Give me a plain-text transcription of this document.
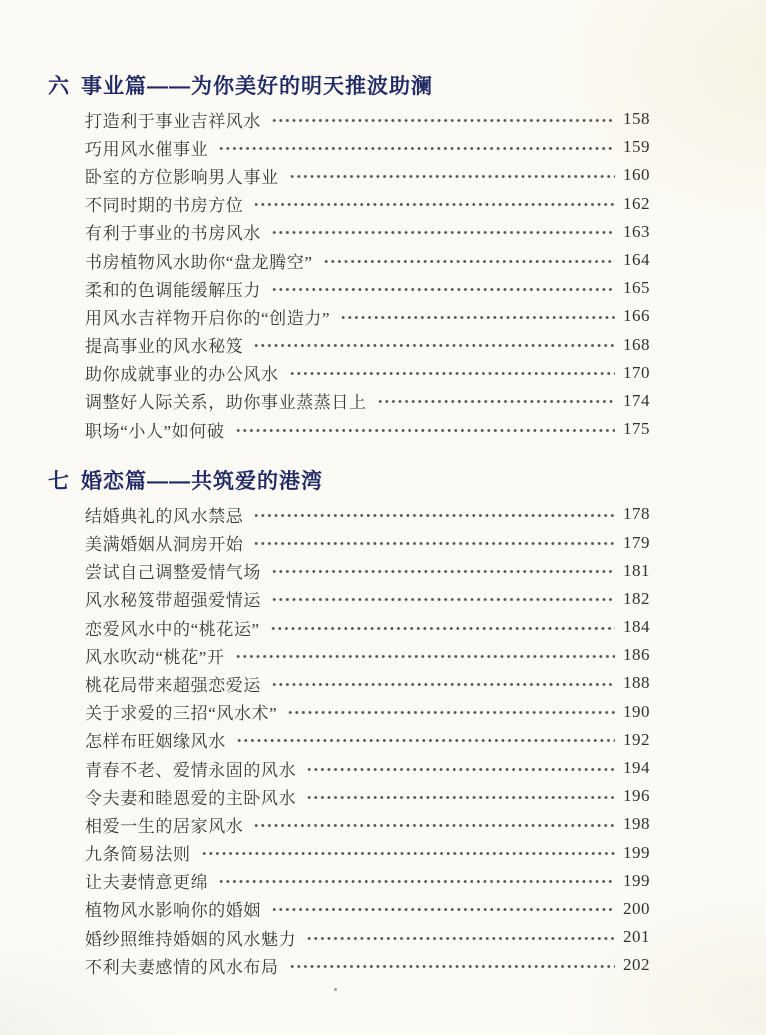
六 事业篇——为你美好的明天推波助澜
打造利于事业吉祥风水	158
巧用风水催事业	159
卧室的方位影响男人事业	160
不同时期的书房方位	162
有利于事业的书房风水	163
书房植物风水助你“盘龙腾空”	164
柔和的色调能缓解压力	165
用风水吉祥物开启你的“创造力”	166
提高事业的风水秘笈	168
助你成就事业的办公风水	170
调整好人际关系，助你事业蒸蒸日上	174
职场“小人”如何破	175
七 婚恋篇——共筑爱的港湾
结婚典礼的风水禁忌	178
美满婚姻从洞房开始	179
尝试自己调整爱情气场	181
风水秘笈带超强爱情运	182
恋爱风水中的“桃花运”	184
风水吹动“桃花”开	186
桃花局带来超强恋爱运	188
关于求爱的三招“风水术”	190
怎样布旺姻缘风水	192
青春不老、爱情永固的风水	194
令夫妻和睦恩爱的主卧风水	196
相爱一生的居家风水	198
九条简易法则	199
让夫妻情意更绵	199
植物风水影响你的婚姻	200
婚纱照维持婚姻的风水魅力	201
不利夫妻感情的风水布局	202
